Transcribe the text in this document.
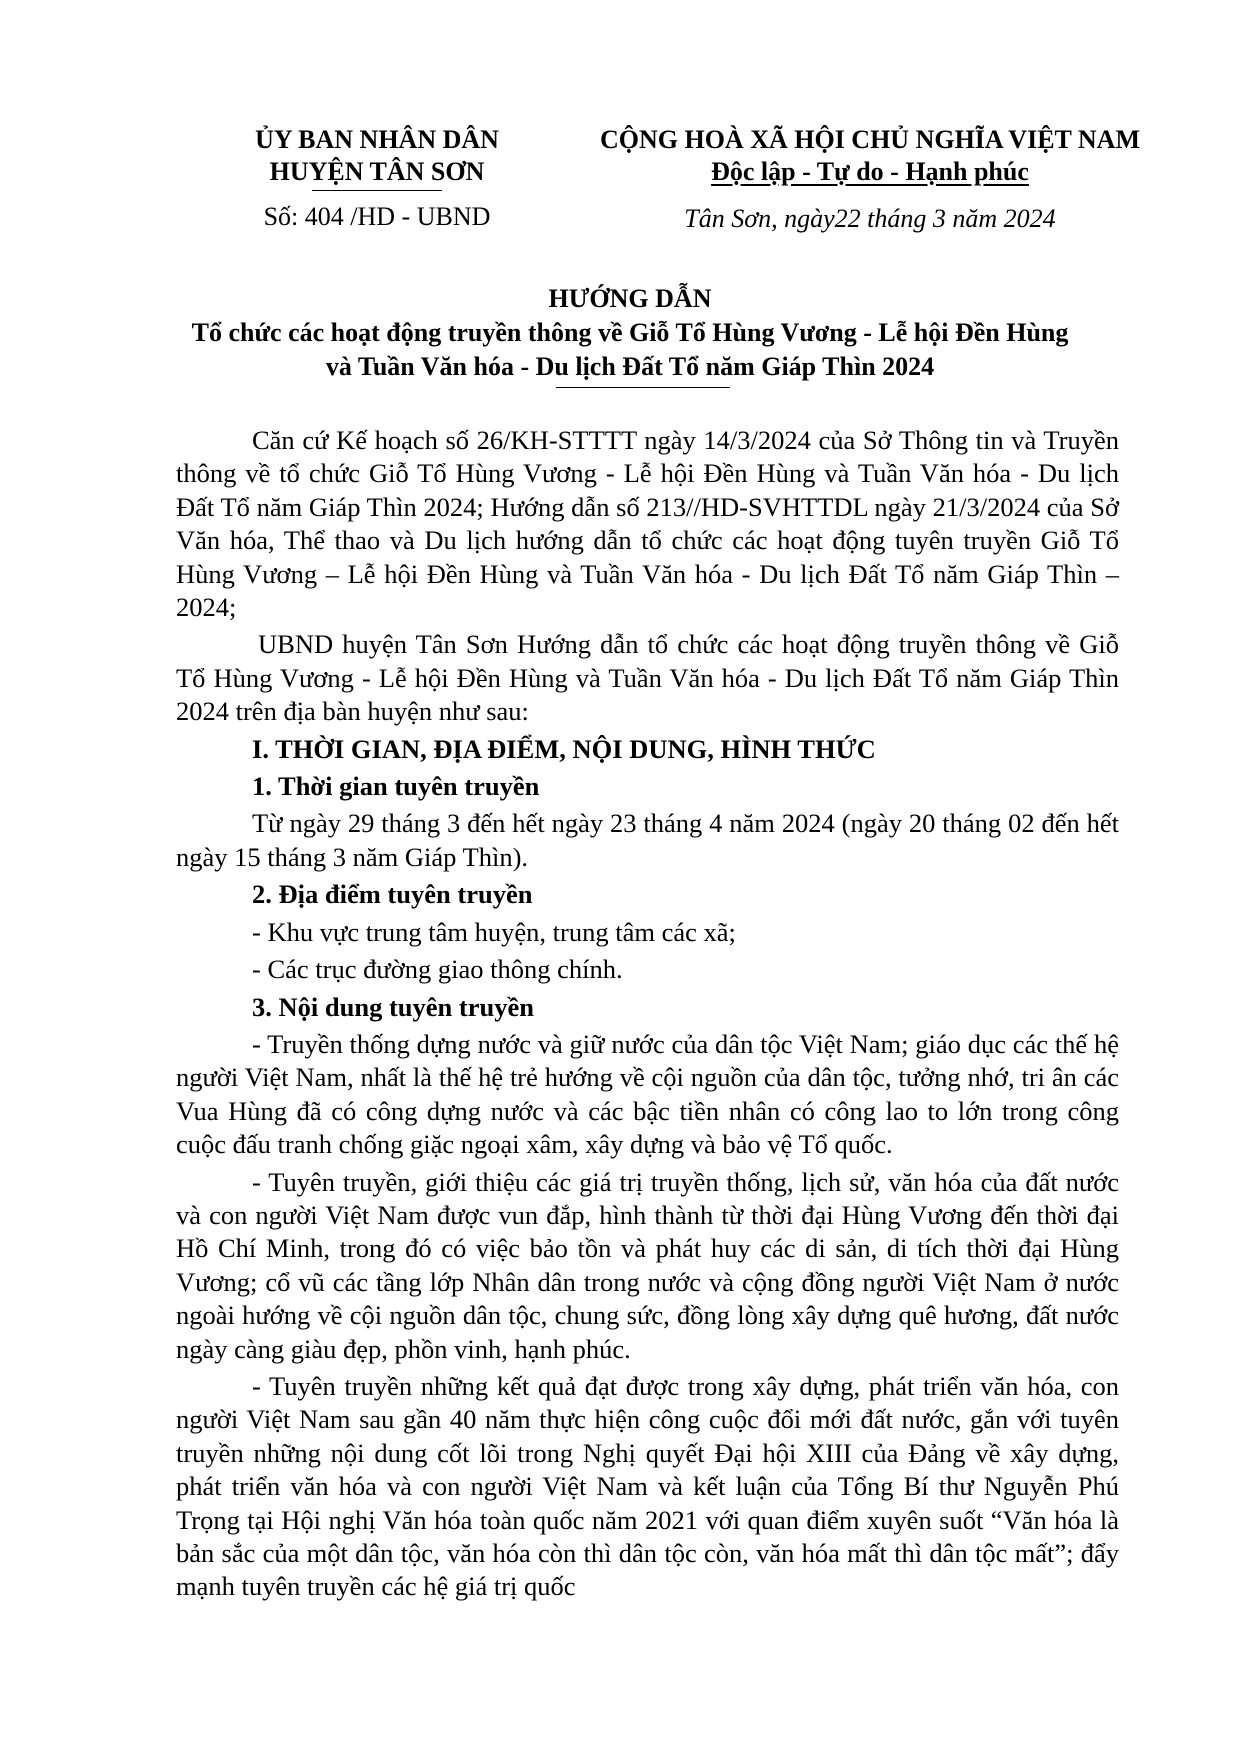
ỦY BAN NHÂN DÂN
HUYỆN TÂN SƠN
Số: 404 /HD - UBND
CỘNG HOÀ XÃ HỘI CHỦ NGHĨA VIỆT NAM
Độc lập - Tự do - Hạnh phúc
Tân Sơn, ngày22 tháng 3 năm 2024
HƯỚNG DẪN
Tổ chức các hoạt động truyền thông về Giỗ Tổ Hùng Vương - Lễ hội Đền Hùng
và Tuần Văn hóa - Du lịch Đất Tổ năm Giáp Thìn 2024

Căn cứ Kế hoạch số 26/KH-STTTT ngày 14/3/2024 của Sở Thông tin và Truyền thông về tổ chức Giỗ Tổ Hùng Vương - Lễ hội Đền Hùng và Tuần Văn hóa - Du lịch Đất Tổ năm Giáp Thìn 2024; Hướng dẫn số 213//HD-SVHTTDL ngày 21/3/2024 của Sở Văn hóa, Thể thao và Du lịch hướng dẫn tổ chức các hoạt động tuyên truyền Giỗ Tổ Hùng Vương – Lễ hội Đền Hùng và Tuần Văn hóa - Du lịch Đất Tổ năm Giáp Thìn – 2024;

UBND huyện Tân Sơn Hướng dẫn tổ chức các hoạt động truyền thông về Giỗ Tổ Hùng Vương - Lễ hội Đền Hùng và Tuần Văn hóa - Du lịch Đất Tổ năm Giáp Thìn 2024 trên địa bàn huyện như sau:

I. THỜI GIAN, ĐỊA ĐIỂM, NỘI DUNG, HÌNH THỨC

1. Thời gian tuyên truyền

Từ ngày 29 tháng 3 đến hết ngày 23 tháng 4 năm 2024 (ngày 20 tháng 02 đến hết ngày 15 tháng 3 năm Giáp Thìn).

2. Địa điểm tuyên truyền

- Khu vực trung tâm huyện, trung tâm các xã;

- Các trục đường giao thông chính.

3. Nội dung tuyên truyền

- Truyền thống dựng nước và giữ nước của dân tộc Việt Nam; giáo dục các thế hệ người Việt Nam, nhất là thế hệ trẻ hướng về cội nguồn của dân tộc, tưởng nhớ, tri ân các Vua Hùng đã có công dựng nước và các bậc tiền nhân có công lao to lớn trong công cuộc đấu tranh chống giặc ngoại xâm, xây dựng và bảo vệ Tổ quốc.

- Tuyên truyền, giới thiệu các giá trị truyền thống, lịch sử, văn hóa của đất nước và con người Việt Nam được vun đắp, hình thành từ thời đại Hùng Vương đến thời đại Hồ Chí Minh, trong đó có việc bảo tồn và phát huy các di sản, di tích thời đại Hùng Vương; cổ vũ các tầng lớp Nhân dân trong nước và cộng đồng người Việt Nam ở nước ngoài hướng về cội nguồn dân tộc, chung sức, đồng lòng xây dựng quê hương, đất nước ngày càng giàu đẹp, phồn vinh, hạnh phúc.

- Tuyên truyền những kết quả đạt được trong xây dựng, phát triển văn hóa, con người Việt Nam sau gần 40 năm thực hiện công cuộc đổi mới đất nước, gắn với tuyên truyền những nội dung cốt lõi trong Nghị quyết Đại hội XIII của Đảng về xây dựng, phát triển văn hóa và con người Việt Nam và kết luận của Tổng Bí thư Nguyễn Phú Trọng tại Hội nghị Văn hóa toàn quốc năm 2021 với quan điểm xuyên suốt “Văn hóa là bản sắc của một dân tộc, văn hóa còn thì dân tộc còn, văn hóa mất thì dân tộc mất”; đẩy mạnh tuyên truyền các hệ giá trị quốc
